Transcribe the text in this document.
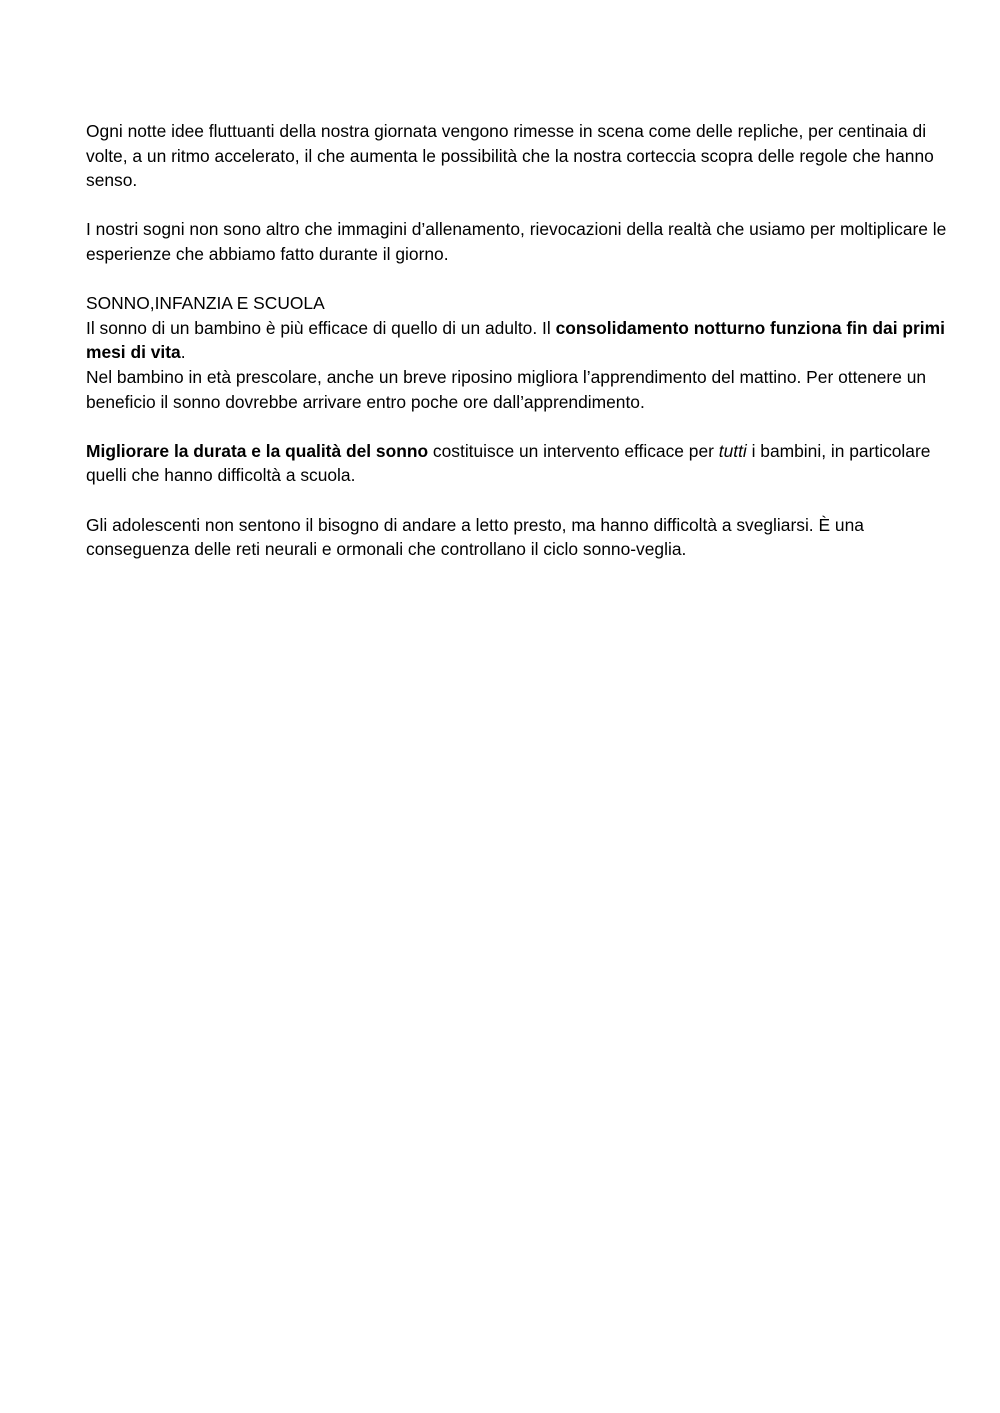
Ogni notte idee fluttuanti della nostra giornata vengono rimesse in scena come delle repliche, per centinaia di volte, a un ritmo accelerato, il che aumenta le possibilità che la nostra corteccia scopra delle regole che hanno senso.

I nostri sogni non sono altro che immagini d’allenamento, rievocazioni della realtà che usiamo per moltiplicare le esperienze che abbiamo fatto durante il giorno.

SONNO,INFANZIA E SCUOLA

Il sonno di un bambino è più efficace di quello di un adulto. Il consolidamento notturno funziona fin dai primi mesi di vita.

Nel bambino in età prescolare, anche un breve riposino migliora l’apprendimento del mattino. Per ottenere un beneficio il sonno dovrebbe arrivare entro poche ore dall’apprendimento.

Migliorare la durata e la qualità del sonno costituisce un intervento efficace per tutti i bambini, in particolare quelli che hanno difficoltà a scuola.

Gli adolescenti non sentono il bisogno di andare a letto presto, ma hanno difficoltà a svegliarsi. È una conseguenza delle reti neurali e ormonali che controllano il ciclo sonno-veglia.
